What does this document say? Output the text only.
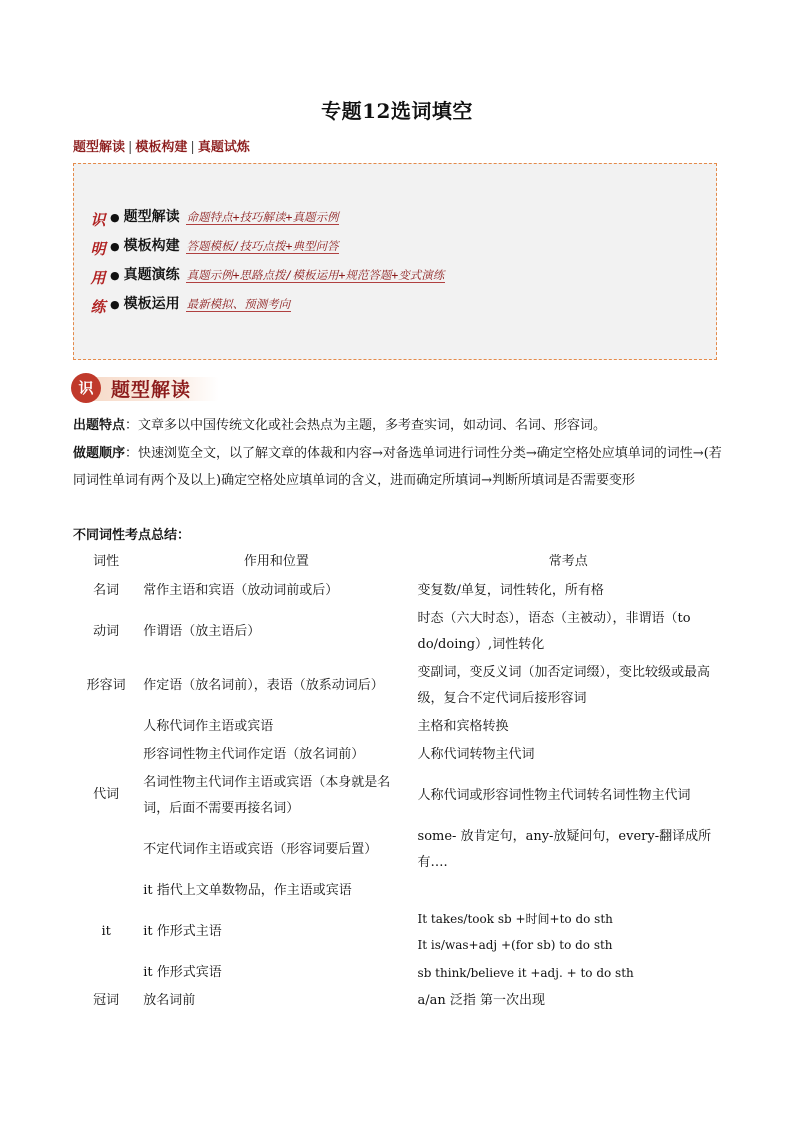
专题12选词填空
题型解读 | 模板构建 | 真题试炼
识
明
用
练
● 题型解读 命题特点+技巧解读+真题示例
● 模板构建 答题模板/技巧点拨+典型问答
● 真题演练 真题示例+思路点拨/模板运用+规范答题+变式演练
● 模板运用 最新模拟、预测考向
识 题型解读
出题特点：文章多以中国传统文化或社会热点为主题，多考查实词，如动词、名词、形容词。
做题顺序：快速浏览全文，以了解文章的体裁和内容→对备选单词进行词性分类→确定空格处应填单词的词性→(若同词性单词有两个及以上)确定空格处应填单词的含义，进而确定所填词→判断所填词是否需要变形
不同词性考点总结：
词性	作用和位置	常考点
名词	常作主语和宾语（放动词前或后）	变复数/单复，词性转化，所有格
动词	作谓语（放主语后）	时态（六大时态），语态（主被动），非谓语（to do/doing）,词性转化
形容词	作定语（放名词前），表语（放系动词后）	变副词，变反义词（加否定词缀），变比较级或最高级，复合不定代词后接形容词
代词	人称代词作主语或宾语	主格和宾格转换
	形容词性物主代词作定语（放名词前）	人称代词转物主代词
	名词性物主代词作主语或宾语（本身就是名词，后面不需要再接名词）	人称代词或形容词性物主代词转名词性物主代词
	不定代词作主语或宾语（形容词要后置）	some- 放肯定句，any-放疑问句，every-翻译成所有….
it	it 指代上文单数物品，作主语或宾语	
	it 作形式主语	It takes/took sb +时间+to do sth
It is/was+adj +(for sb) to do sth

	it 作形式宾语	sb think/believe it +adj. + to do sth
冠词	放名词前	a/an 泛指 第一次出现
